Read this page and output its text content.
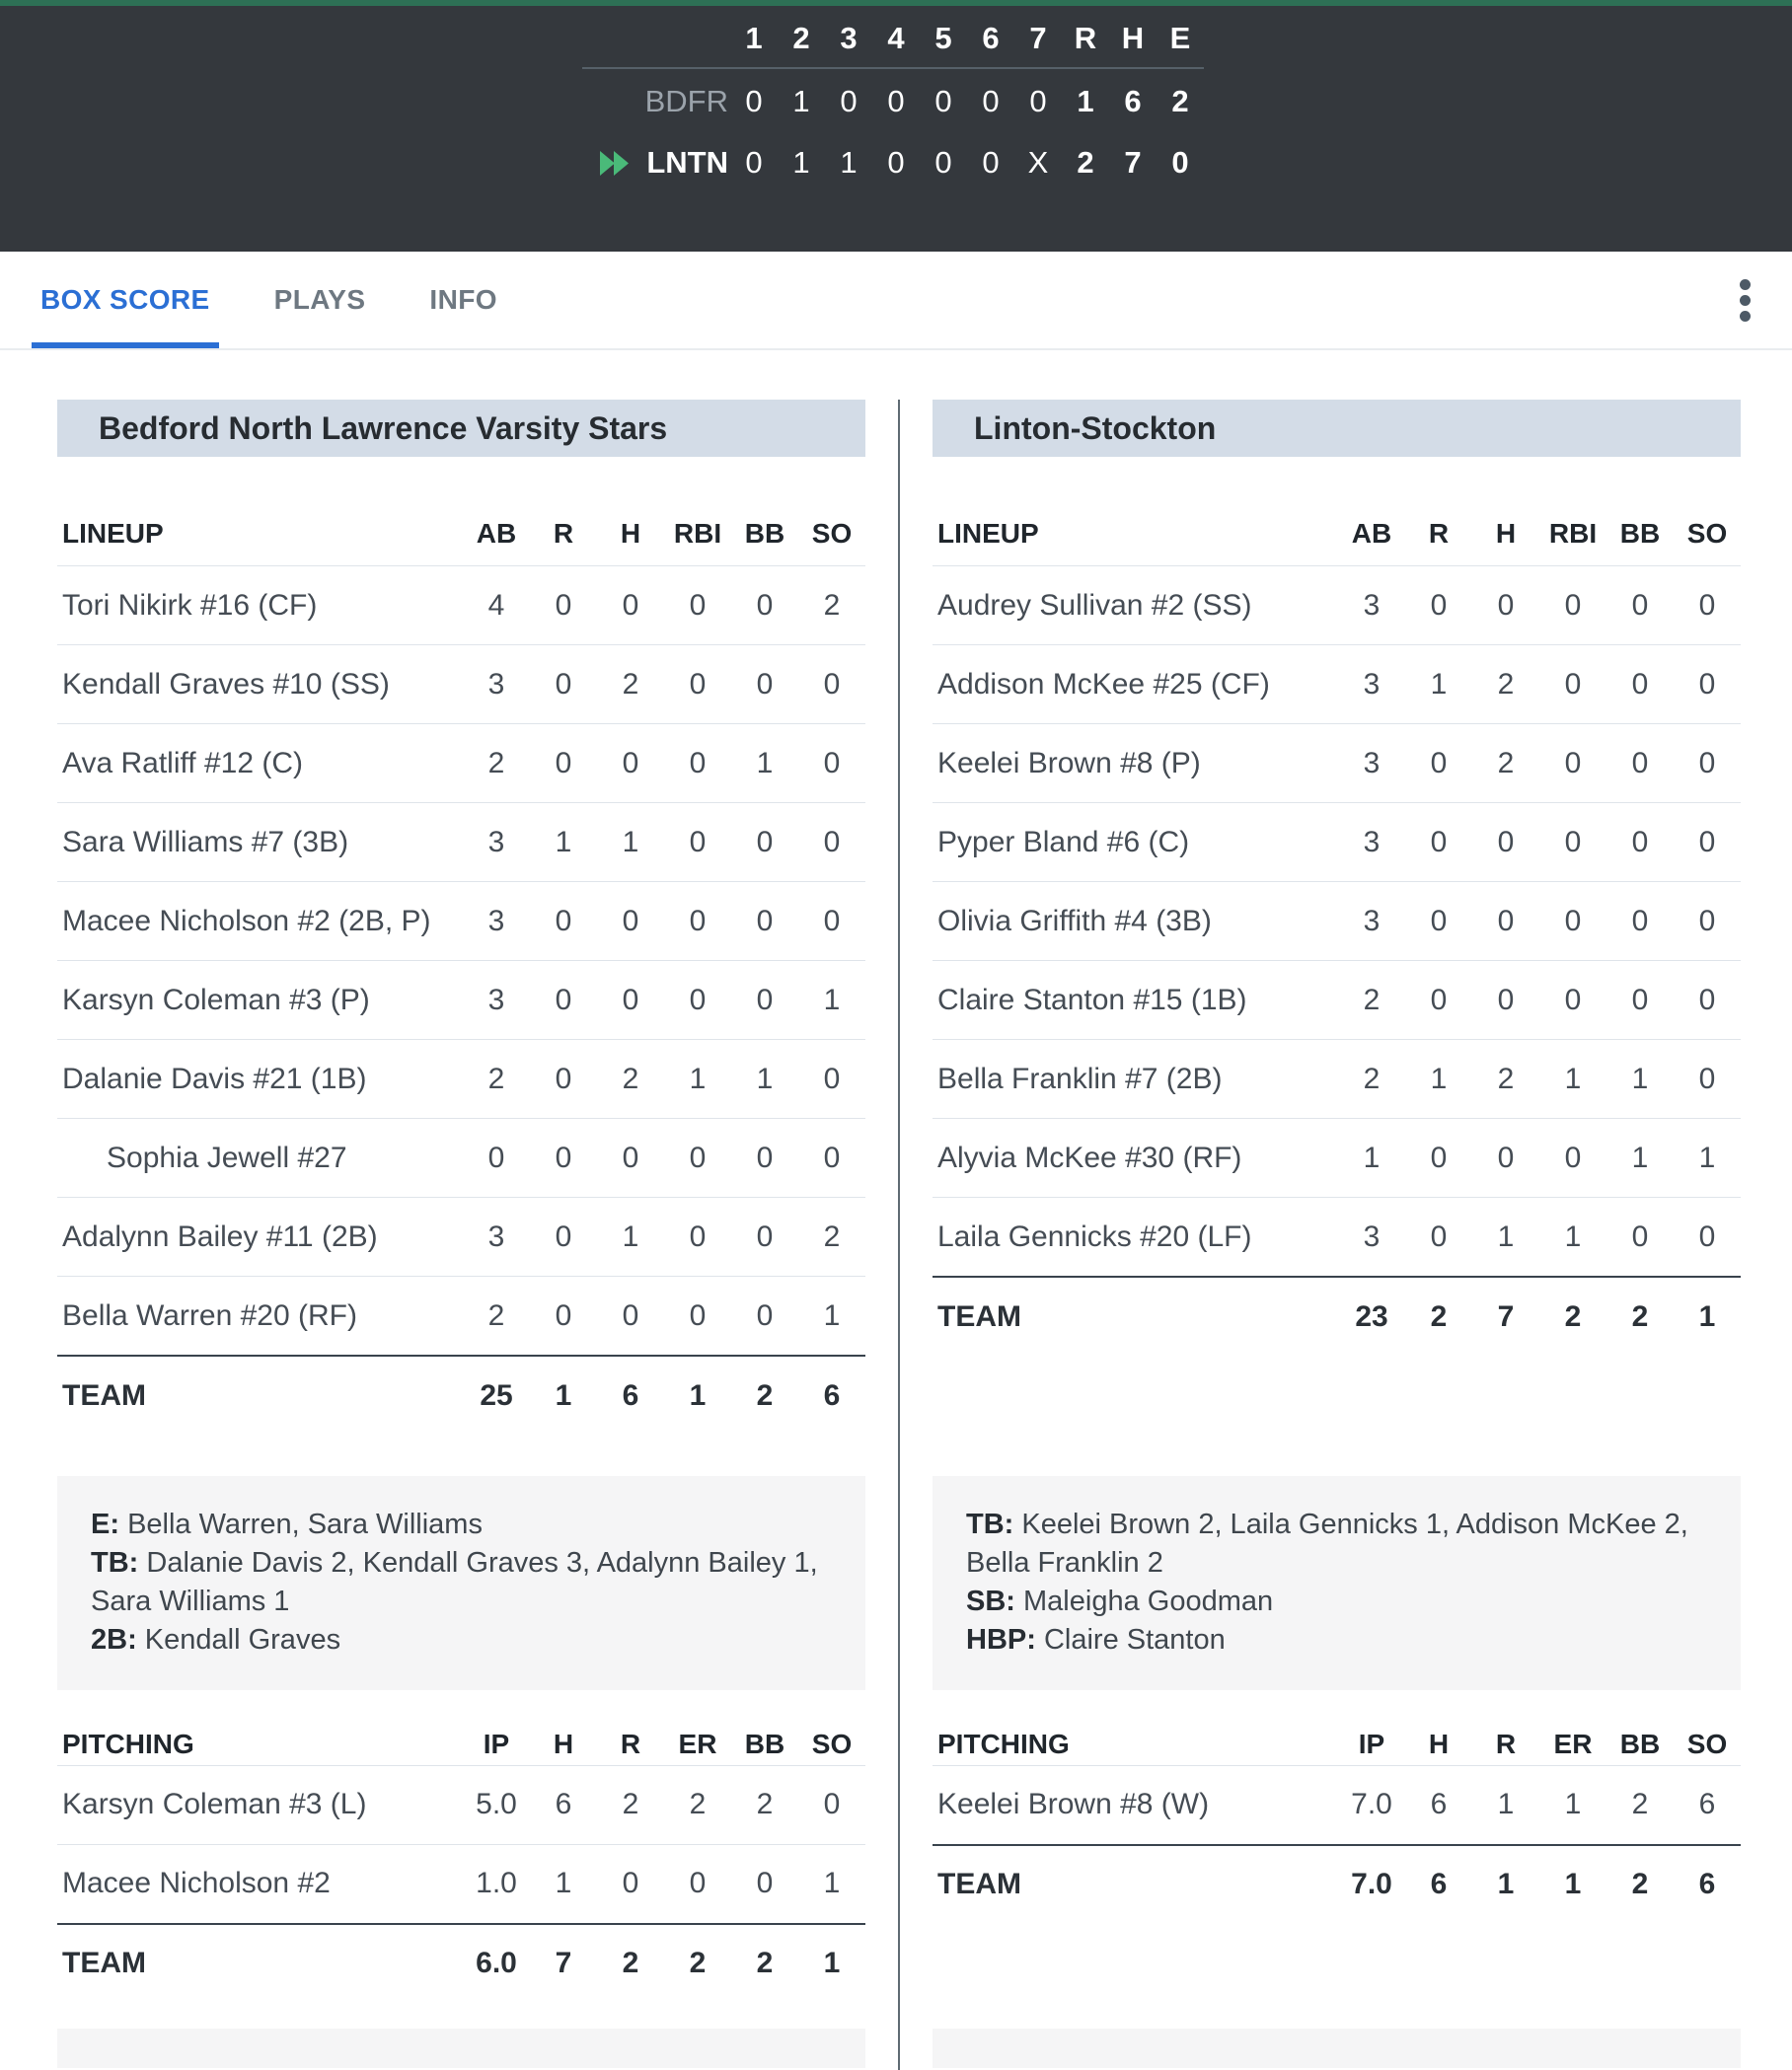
1 2 3 4 5 6 7 R H E
BDFR 0 1 0 0 0 0 0 1 6 2
LNTN 0 1 1 0 0 0 X 2 7 0
BOX SCORE	PLAYS	INFO
Bedford North Lawrence Varsity Stars
LINEUP	AB	R	H	RBI BB SO
Tori Nikirk #16 (CF)	4	0	0	0	0	2
Kendall Graves #10 (SS)	3	0	2	0	0	0
Ava Ratliff #12 (C)	2	0	0	0	1	0
Sara Williams #7 (3B)	3	1	1	0	0	0
Macee Nicholson #2 (2B, P)	3	0	0	0	0	0
Karsyn Coleman #3 (P)	3	0	0	0	0	1
Dalanie Davis #21 (1B)	2	0	2	1	1	0
Sophia Jewell #27	0	0	0	0	0	0
Adalynn Bailey #11 (2B)	3	0	1	0	0	2
Bella Warren #20 (RF)	2	0	0	0	0	1
TEAM	25	1	6	1	2	6
E: Bella Warren, Sara Williams
TB: Dalanie Davis 2, Kendall Graves 3, Adalynn Bailey 1, Sara Williams 1
2B: Kendall Graves
PITCHING	IP	H	R	ER	BB SO
Karsyn Coleman #3 (L)	5.0	6	2	2	2	0
Macee Nicholson #2	1.0	1	0	0	0	1
TEAM	6.0	7	2	2	2	1
Linton-Stockton
LINEUP	AB	R	H	RBI BB SO
Audrey Sullivan #2 (SS)	3	0	0	0	0	0
Addison McKee #25 (CF)	3	1	2	0	0	0
Keelei Brown #8 (P)	3	0	2	0	0	0
Pyper Bland #6 (C)	3	0	0	0	0	0
Olivia Griffith #4 (3B)	3	0	0	0	0	0
Claire Stanton #15 (1B)	2	0	0	0	0	0
Bella Franklin #7 (2B)	2	1	2	1	1	0
Alyvia McKee #30 (RF)	1	0	0	0	1	1
Laila Gennicks #20 (LF)	3	0	1	1	0	0
TEAM	23	2	7	2	2	1
TB: Keelei Brown 2, Laila Gennicks 1, Addison McKee 2, Bella Franklin 2
SB: Maleigha Goodman
HBP: Claire Stanton
PITCHING	IP	H	R	ER	BB SO
Keelei Brown #8 (W)	7.0	6	1	1	2	6
TEAM	7.0	6	1	1	2	6
